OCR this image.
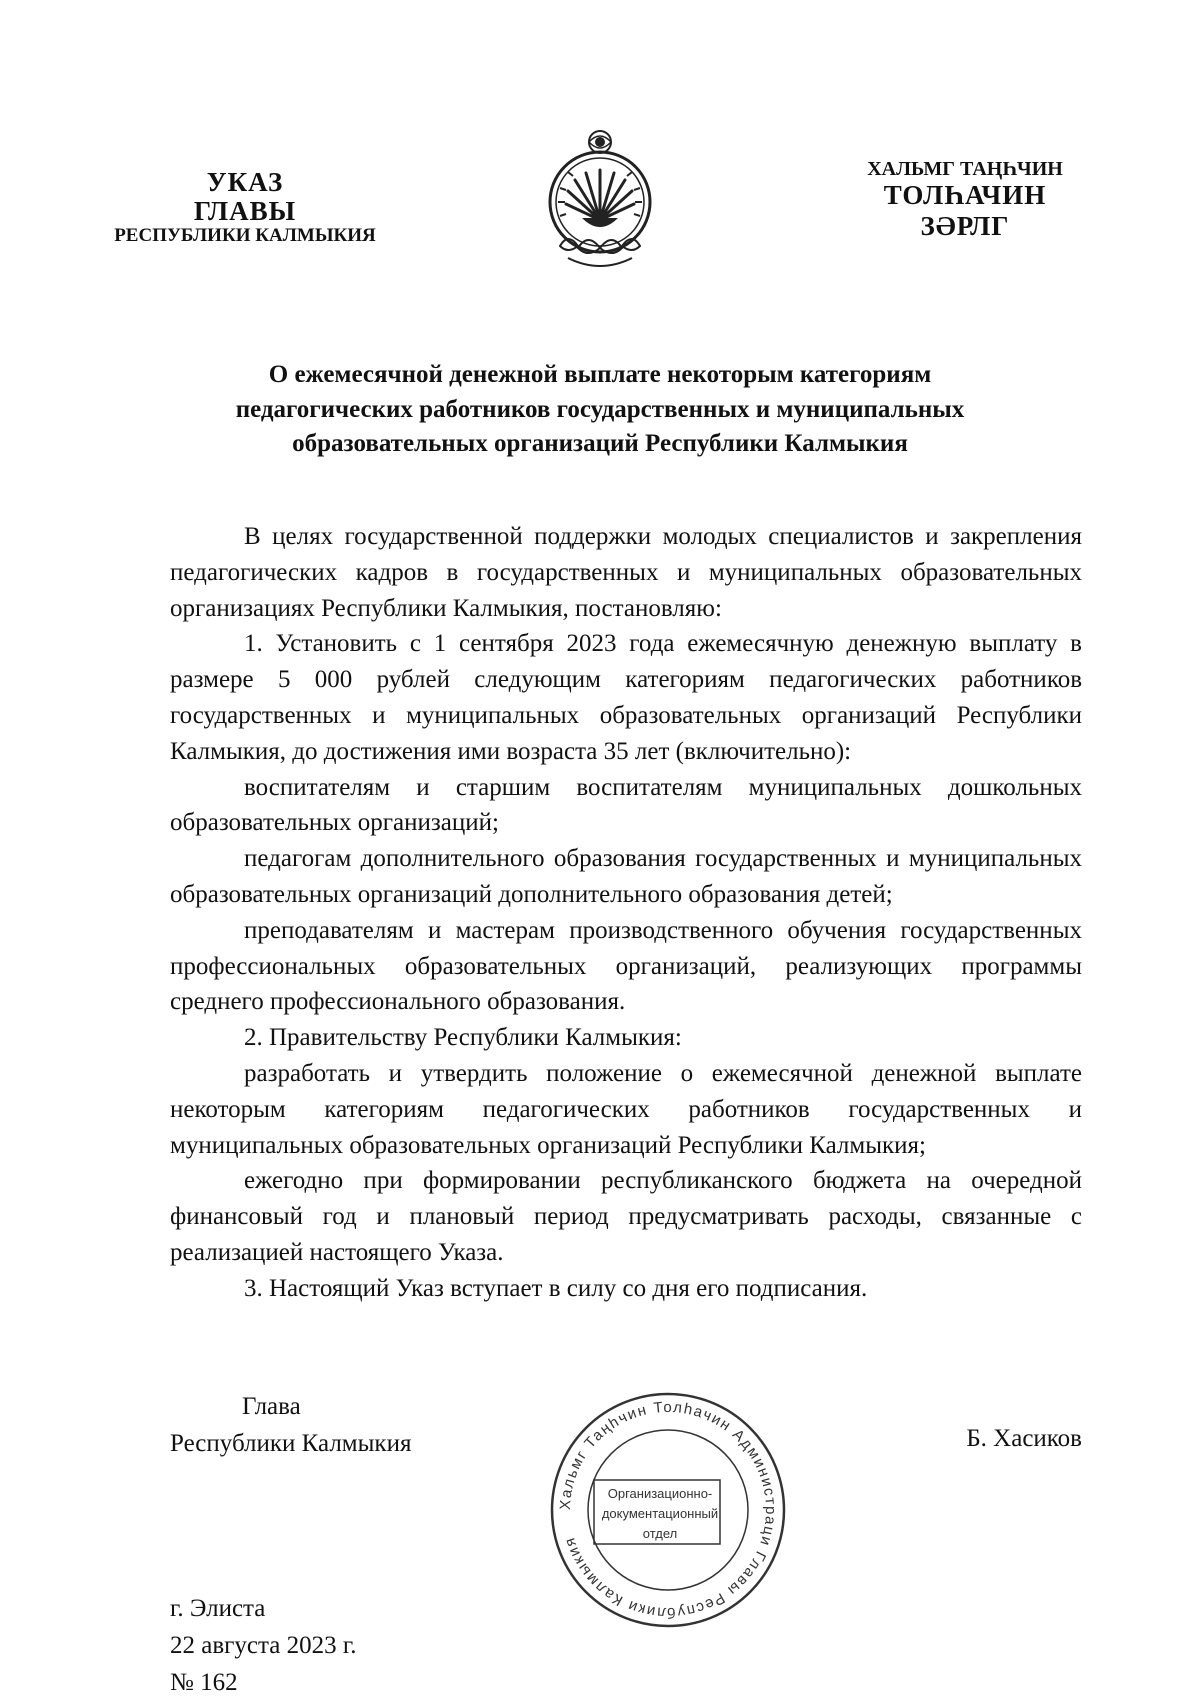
УКАЗ
ГЛАВЫ
РЕСПУБЛИКИ КАЛМЫКИЯ
ХАЛЬМГ ТАҢҺЧИН
ТОЛҺАЧИН
ЗӘРЛГ
О ежемесячной денежной выплате некоторым категориям
педагогических работников государственных и муниципальных
образовательных организаций Республики Калмыкия

В целях государственной поддержки молодых специалистов и закрепления педагогических кадров в государственных и муниципальных образовательных организациях Республики Калмыкия, постановляю:

1. Установить с 1 сентября 2023 года ежемесячную денежную выплату в размере 5 000 рублей следующим категориям педагогических работников государственных и муниципальных образовательных организаций Республики Калмыкия, до достижения ими возраста 35 лет (включительно):

воспитателям и старшим воспитателям муниципальных дошкольных образовательных организаций;

педагогам дополнительного образования государственных и муниципальных образовательных организаций дополнительного образования детей;

преподавателям и мастерам производственного обучения государственных профессиональных образовательных организаций, реализующих программы среднего профессионального образования.

2. Правительству Республики Калмыкия:

разработать и утвердить положение о ежемесячной денежной выплате некоторым категориям педагогических работников государственных и муниципальных образовательных организаций Республики Калмыкия;

ежегодно при формировании республиканского бюджета на очередной финансовый год и плановый период предусматривать расходы, связанные с реализацией настоящего Указа.

3. Настоящий Указ вступает в силу со дня его подписания.

Глава
Республики Калмыкия
Хальмг Таңһчин Толһачин Администраци Главы Республики Калмыкия
Организационно-
документационный
отдел
Б. Хасиков
г. Элиста
22 августа 2023 г.
№ 162
